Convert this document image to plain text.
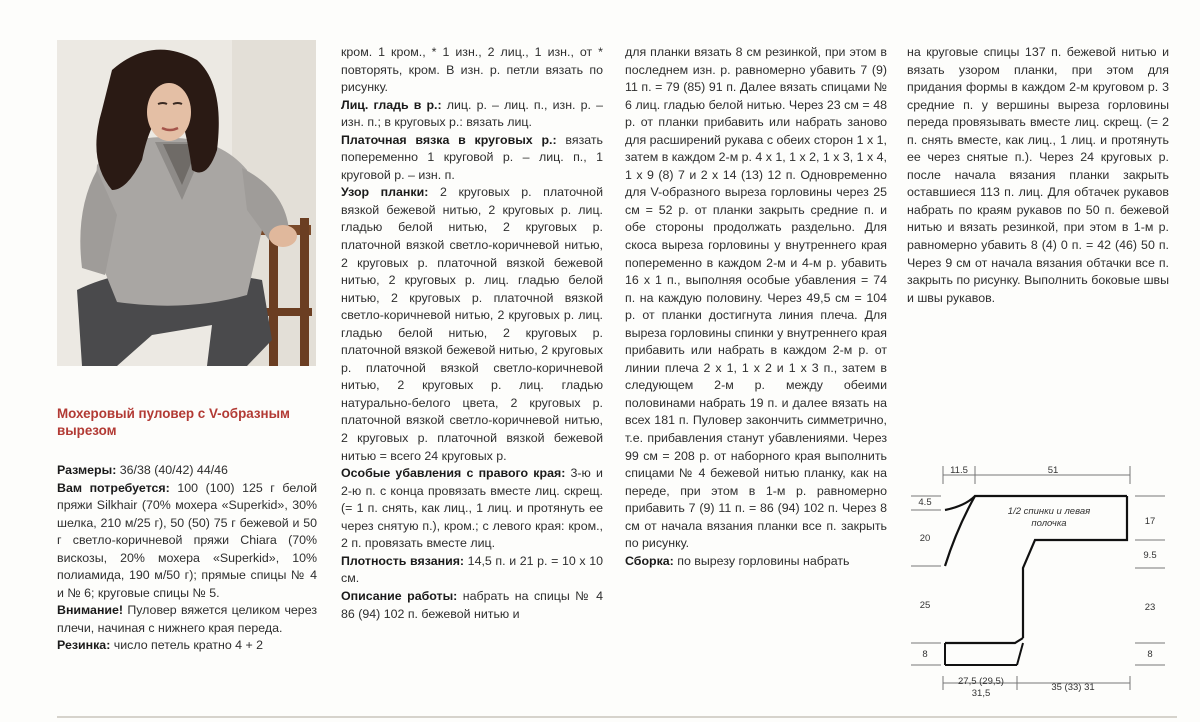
Мохеровый пуловер с V-образным вырезом

Размеры: 36/38 (40/42) 44/46

Вам потребуется: 100 (100) 125 г белой пряжи Silkhair (70% мохера «Superkid», 30% шелка, 210 м/25 г), 50 (50) 75 г бежевой и 50 г светло-коричневой пряжи Chiara (70% вискозы, 20% мохера «Superkid», 10% полиамида, 190 м/50 г); прямые спицы № 4 и № 6; круговые спицы № 5.

Внимание! Пуловер вяжется целиком через плечи, начиная с нижнего края переда.

Резинка: число петель кратно 4 + 2

кром. 1 кром., * 1 изн., 2 лиц., 1 изн., от * повторять, кром. В изн. р. петли вязать по рисунку.

Лиц. гладь в р.: лиц. р. – лиц. п., изн. р. – изн. п.; в круговых р.: вязать лиц.

Платочная вязка в круговых р.: вязать попеременно 1 круговой р. – лиц. п., 1 круговой р. – изн. п.

Узор планки: 2 круговых р. платочной вязкой бежевой нитью, 2 круговых р. лиц. гладью белой нитью, 2 круговых р. платочной вязкой светло-коричневой нитью, 2 круговых р. платочной вязкой бежевой нитью, 2 круговых р. лиц. гладью белой нитью, 2 круговых р. платочной вязкой светло-коричневой нитью, 2 круговых р. лиц. гладью белой нитью, 2 круговых р. платочной вязкой бежевой нитью, 2 круговых р. платочной вязкой светло-коричневой нитью, 2 круговых р. лиц. гладью натурально-белого цвета, 2 круговых р. платочной вязкой светло-коричневой нитью, 2 круговых р. платочной вязкой бежевой нитью = всего 24 круговых р.

Особые убавления с правого края: 3-ю и 2-ю п. с конца провязать вместе лиц. скрещ. (= 1 п. снять, как лиц., 1 лиц. и протянуть ее через снятую п.), кром.; с левого края: кром., 2 п. провязать вместе лиц.

Плотность вязания: 14,5 п. и 21 р. = 10 х 10 см.

Описание работы: набрать на спицы № 4 86 (94) 102 п. бежевой нитью и

для планки вязать 8 см резинкой, при этом в последнем изн. р. равномерно убавить 7 (9) 11 п. = 79 (85) 91 п. Далее вязать спицами № 6 лиц. гладью белой нитью. Через 23 см = 48 р. от планки прибавить или набрать заново для расширений рукава с обеих сторон 1 х 1, затем в каждом 2-м р. 4 х 1, 1 х 2, 1 х 3, 1 х 4, 1 х 9 (8) 7 и 2 х 14 (13) 12 п. Одновременно для V-образного выреза горловины через 25 см = 52 р. от планки закрыть средние п. и обе стороны продолжать раздельно. Для скоса выреза горловины у внутреннего края попеременно в каждом 2-м и 4-м р. убавить 16 х 1 п., выполняя особые убавления = 74 п. на каждую половину. Через 49,5 см = 104 р. от планки достигнута линия плеча. Для выреза горловины спинки у внутреннего края прибавить или набрать в каждом 2-м р. от линии плеча 2 х 1, 1 х 2 и 1 х 3 п., затем в следующем 2-м р. между обеими половинами набрать 19 п. и далее вязать на всех 181 п. Пуловер закончить симметрично, т.е. прибавления станут убавлениями. Через 99 см = 208 р. от наборного края выполнить спицами № 4 бежевой нитью планку, как на переде, при этом в 1-м р. равномерно прибавить 7 (9) 11 п. = 86 (94) 102 п. Через 8 см от начала вязания планки все п. закрыть по рисунку.

Сборка: по вырезу горловины набрать

на круговые спицы 137 п. бежевой нитью и вязать узором планки, при этом для придания формы в каждом 2-м круговом р. 3 средние п. у вершины выреза горловины переда провязывать вместе лиц. скрещ. (= 2 п. снять вместе, как лиц., 1 лиц. и протянуть ее через снятые п.). Через 24 круговых р. после начала вязания планки закрыть оставшиеся 113 п. лиц. Для обтачек рукавов набрать по краям рукавов по 50 п. бежевой нитью и вязать резинкой, при этом в 1-м р. равномерно убавить 8 (4) 0 п. = 42 (46) 50 п. Через 9 см от начала вязания обтачки все п. закрыть по рисунку. Выполнить боковые швы и швы рукавов.

11.5	51
4.5
20
25
8
17
9.5
23
8
27,5 (29,5)
31,5
35 (33) 31
1/2 спинки и левая полочка
